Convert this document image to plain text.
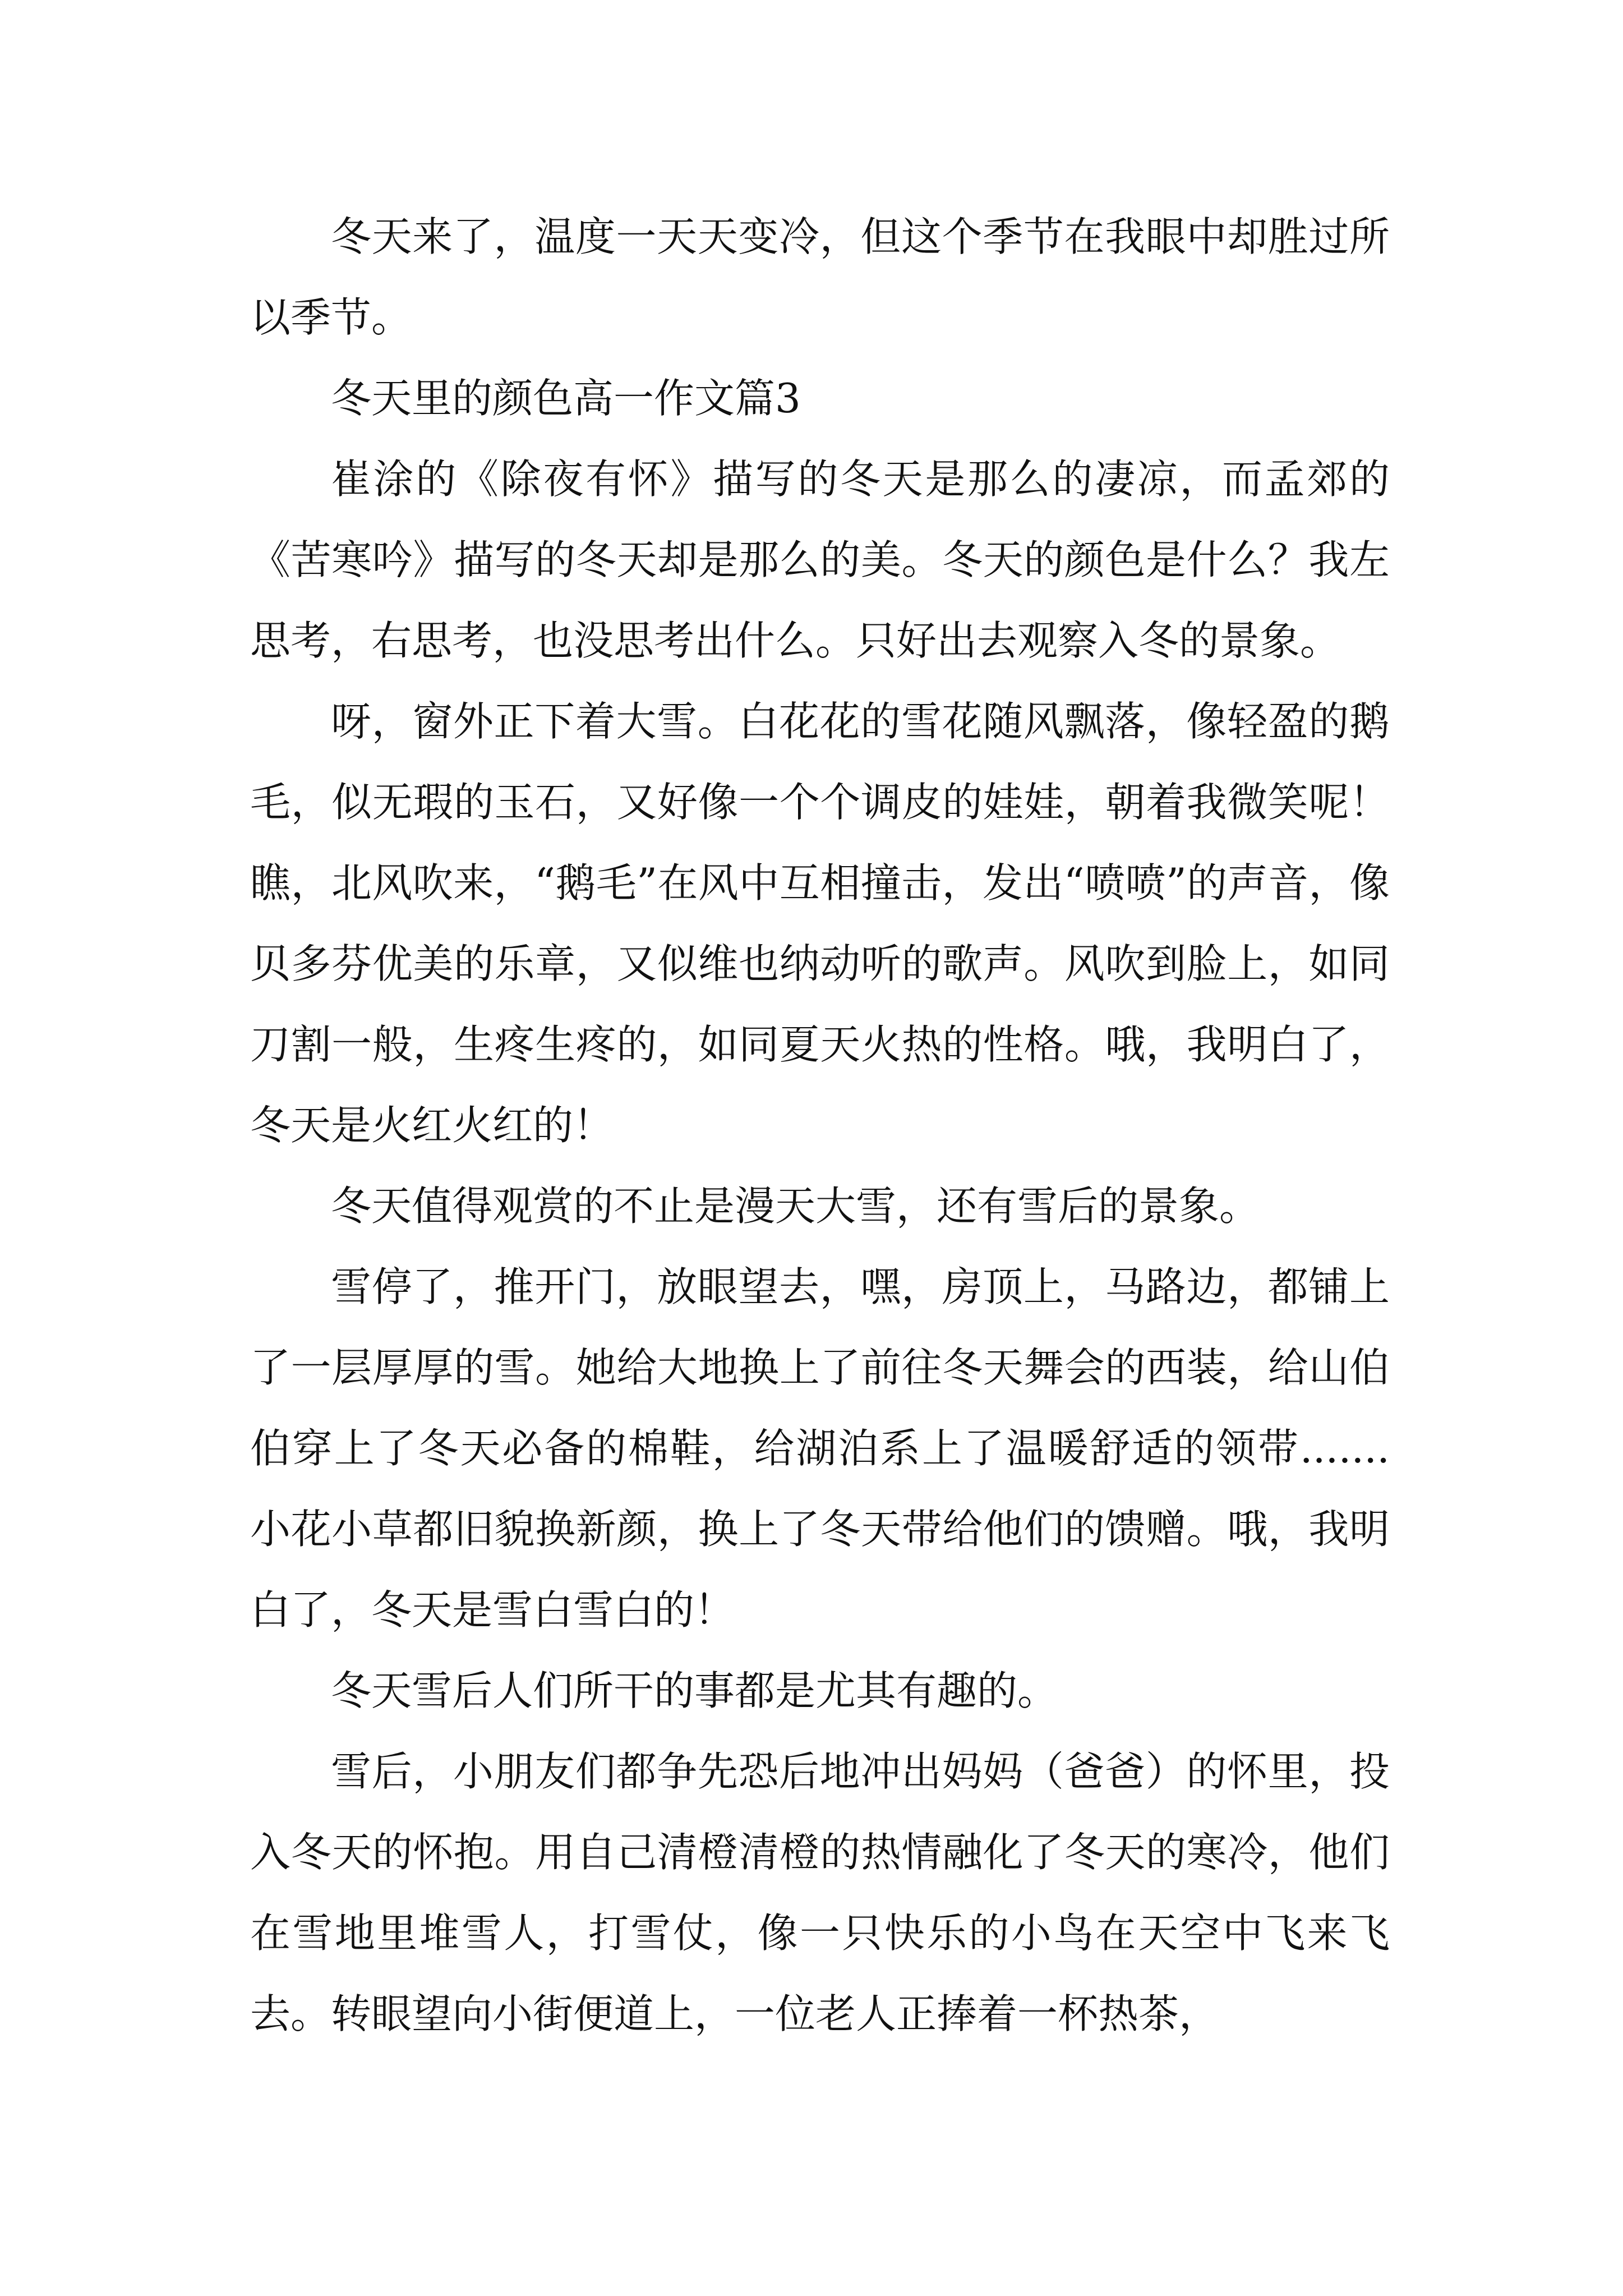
冬天来了，温度一天天变冷，但这个季节在我眼中却胜过所以季节。

冬天里的颜色高一作文篇3

崔涂的《除夜有怀》描写的冬天是那么的凄凉，而孟郊的《苦寒吟》描写的冬天却是那么的美。冬天的颜色是什么？我左思考，右思考，也没思考出什么。只好出去观察入冬的景象。

呀，窗外正下着大雪。白花花的雪花随风飘落，像轻盈的鹅毛，似无瑕的玉石，又好像一个个调皮的娃娃，朝着我微笑呢！瞧，北风吹来，“鹅毛”在风中互相撞击，发出“喷喷”的声音，像贝多芬优美的乐章，又似维也纳动听的歌声。风吹到脸上，如同刀割一般，生疼生疼的，如同夏天火热的性格。哦，我明白了，冬天是火红火红的！

冬天值得观赏的不止是漫天大雪，还有雪后的景象。

雪停了，推开门，放眼望去，嘿，房顶上，马路边，都铺上了一层厚厚的雪。她给大地换上了前往冬天舞会的西装，给山伯伯穿上了冬天必备的棉鞋，给湖泊系上了温暖舒适的领带.......小花小草都旧貌换新颜，换上了冬天带给他们的馈赠。哦，我明白了，冬天是雪白雪白的！

冬天雪后人们所干的事都是尤其有趣的。

雪后，小朋友们都争先恐后地冲出妈妈（爸爸）的怀里，投入冬天的怀抱。用自己清橙清橙的热情融化了冬天的寒冷，他们在雪地里堆雪人，打雪仗，像一只快乐的小鸟在天空中飞来飞去。转眼望向小街便道上，一位老人正捧着一杯热茶，
